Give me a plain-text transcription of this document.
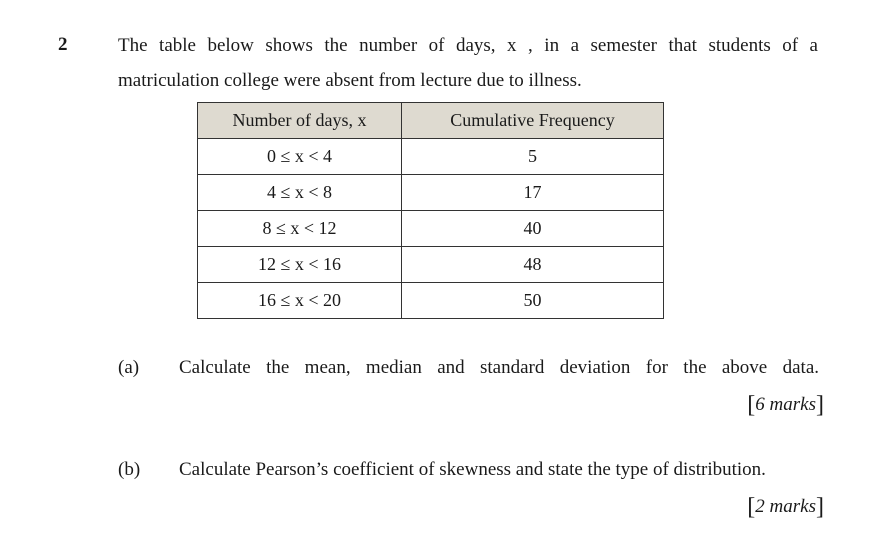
2	The table below shows the number of days, x , in a semester that students of a
matriculation college were absent from lecture due to illness.
Number of days, x	Cumulative Frequency
0 ≤ x < 4	5
4 ≤ x < 8	17
8 ≤ x < 12	40
12 ≤ x < 16	48
16 ≤ x < 20	50
(a) Calculate the mean, median and standard deviation for the above data.
[6 marks]
(b) Calculate Pearson’s coefficient of skewness and state the type of distribution.
[2 marks]
